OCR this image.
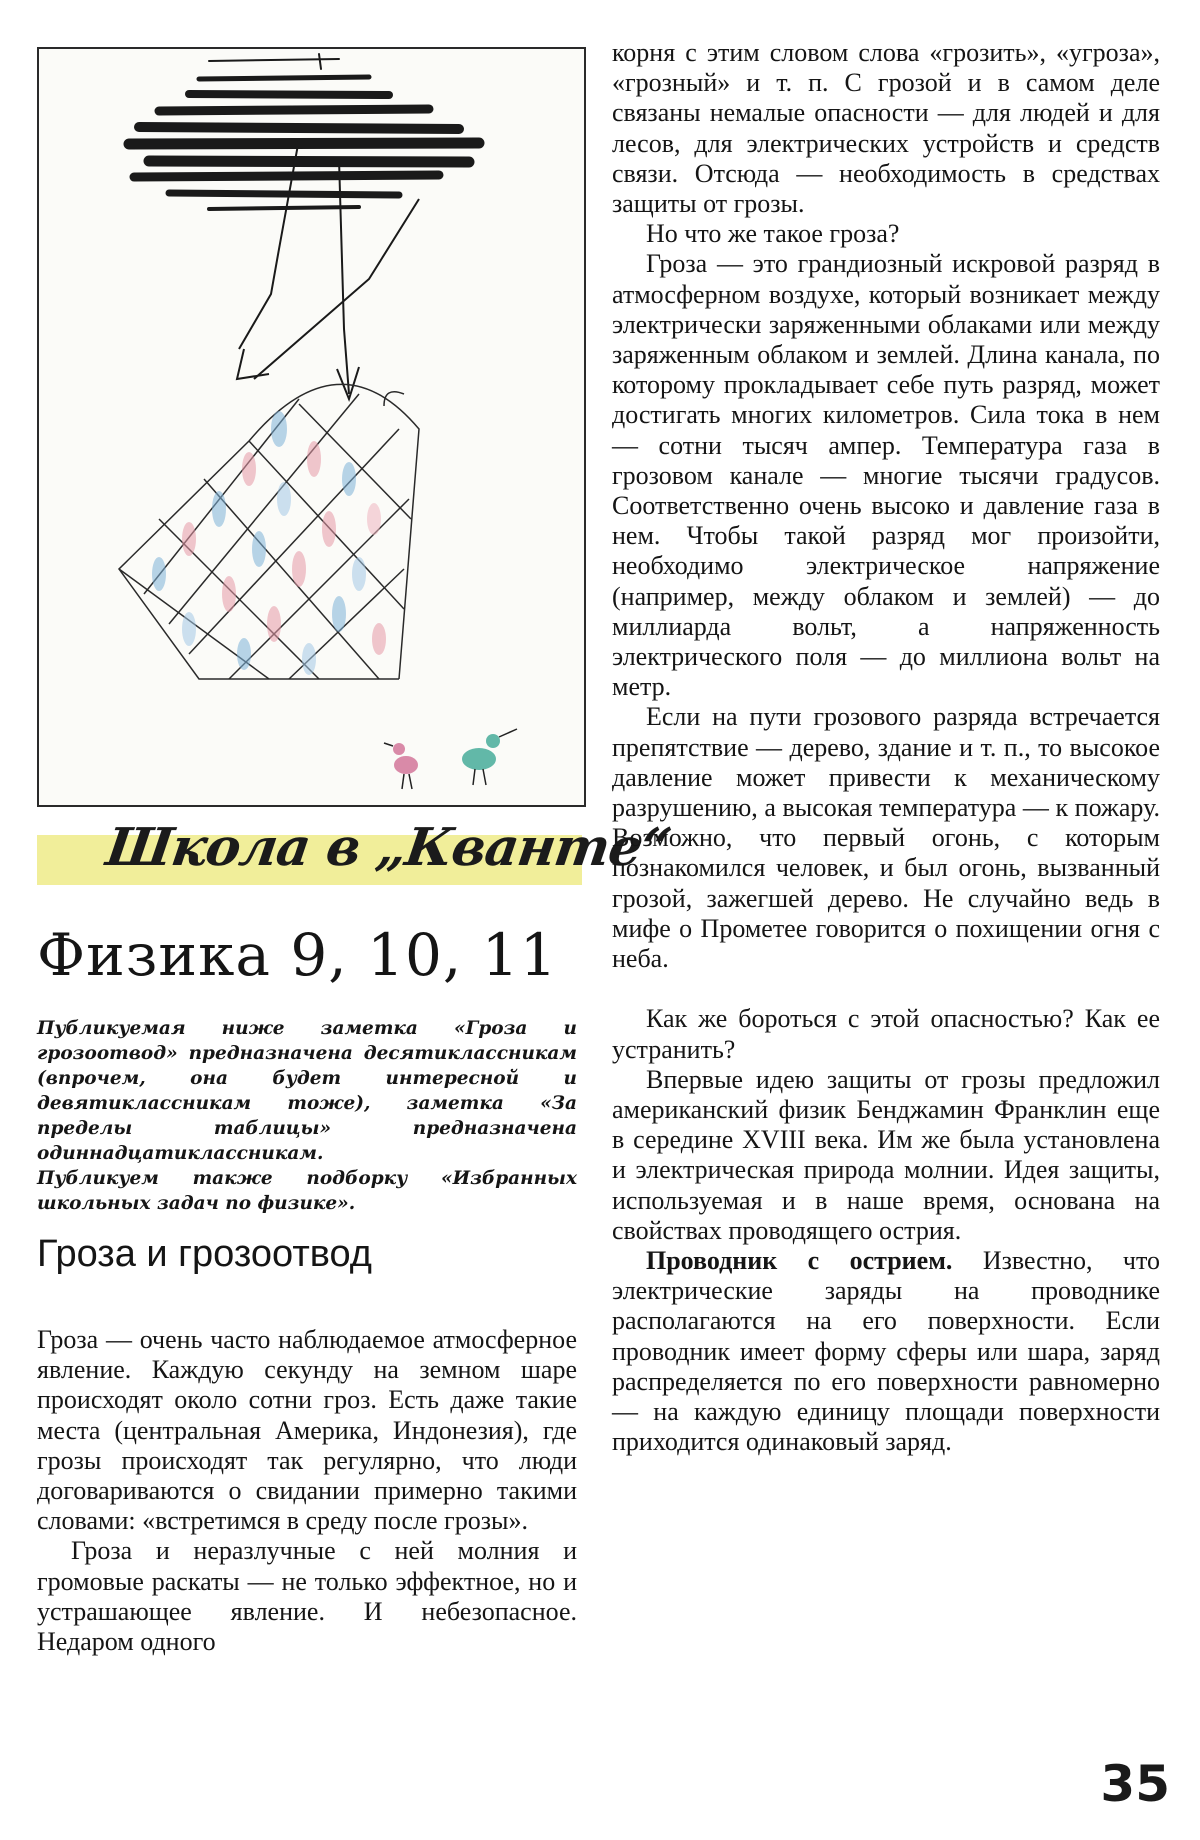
Школа в „Кванте“
Физика 9, 10, 11

Публикуемая ниже заметка «Гроза и грозоотвод» предназначена десятиклассникам (впрочем, она будет интересной и девятиклассникам тоже), заметка «За пределы таблицы» предназначена одиннадцатиклассникам.

Публикуем также подборку «Избранных школьных задач по физике».

Гроза и грозоотвод

Гроза — очень часто наблюдаемое атмосферное явление. Каждую секунду на земном шаре происходят около сотни гроз. Есть даже такие места (центральная Америка, Индонезия), где грозы происходят так регулярно, что люди договариваются о свидании примерно такими словами: «встретимся в среду после грозы».

Гроза и неразлучные с ней молния и громовые раскаты — не только эффектное, но и устрашающее явление. И небезопасное. Недаром одного

корня с этим словом слова «грозить», «угроза», «грозный» и т. п. С грозой и в самом деле связаны немалые опасности — для людей и для лесов, для электрических устройств и средств связи. Отсюда — необходимость в средствах защиты от грозы.

Но что же такое гроза?

Гроза — это грандиозный искровой разряд в атмосферном воздухе, который возникает между электрически заряженными облаками или между заряженным облаком и землей. Длина канала, по которому прокладывает себе путь разряд, может достигать многих километров. Сила тока в нем — сотни тысяч ампер. Температура газа в грозовом канале — многие тысячи градусов. Соответственно очень высоко и давление газа в нем. Чтобы такой разряд мог произойти, необходимо электрическое напряжение (например, между облаком и землей) — до миллиарда вольт, а напряженность электрического поля — до миллиона вольт на метр.

Если на пути грозового разряда встречается препятствие — дерево, здание и т. п., то высокое давление может привести к механическому разрушению, а высокая температура — к пожару. Возможно, что первый огонь, с которым познакомился человек, и был огонь, вызванный грозой, зажегшей дерево. Не случайно ведь в мифе о Прометее говорится о похищении огня с неба.

Как же бороться с этой опасностью? Как ее устранить?

Впервые идею защиты от грозы предложил американский физик Бенджамин Франклин еще в середине XVIII века. Им же была установлена и электрическая природа молнии. Идея защиты, используемая и в наше время, основана на свойствах проводящего острия.

Проводник с острием. Известно, что электрические заряды на проводнике располагаются на его поверхности. Если проводник имеет форму сферы или шара, заряд распределяется по его поверхности равномерно — на каждую единицу площади поверхности приходится одинаковый заряд.

35
